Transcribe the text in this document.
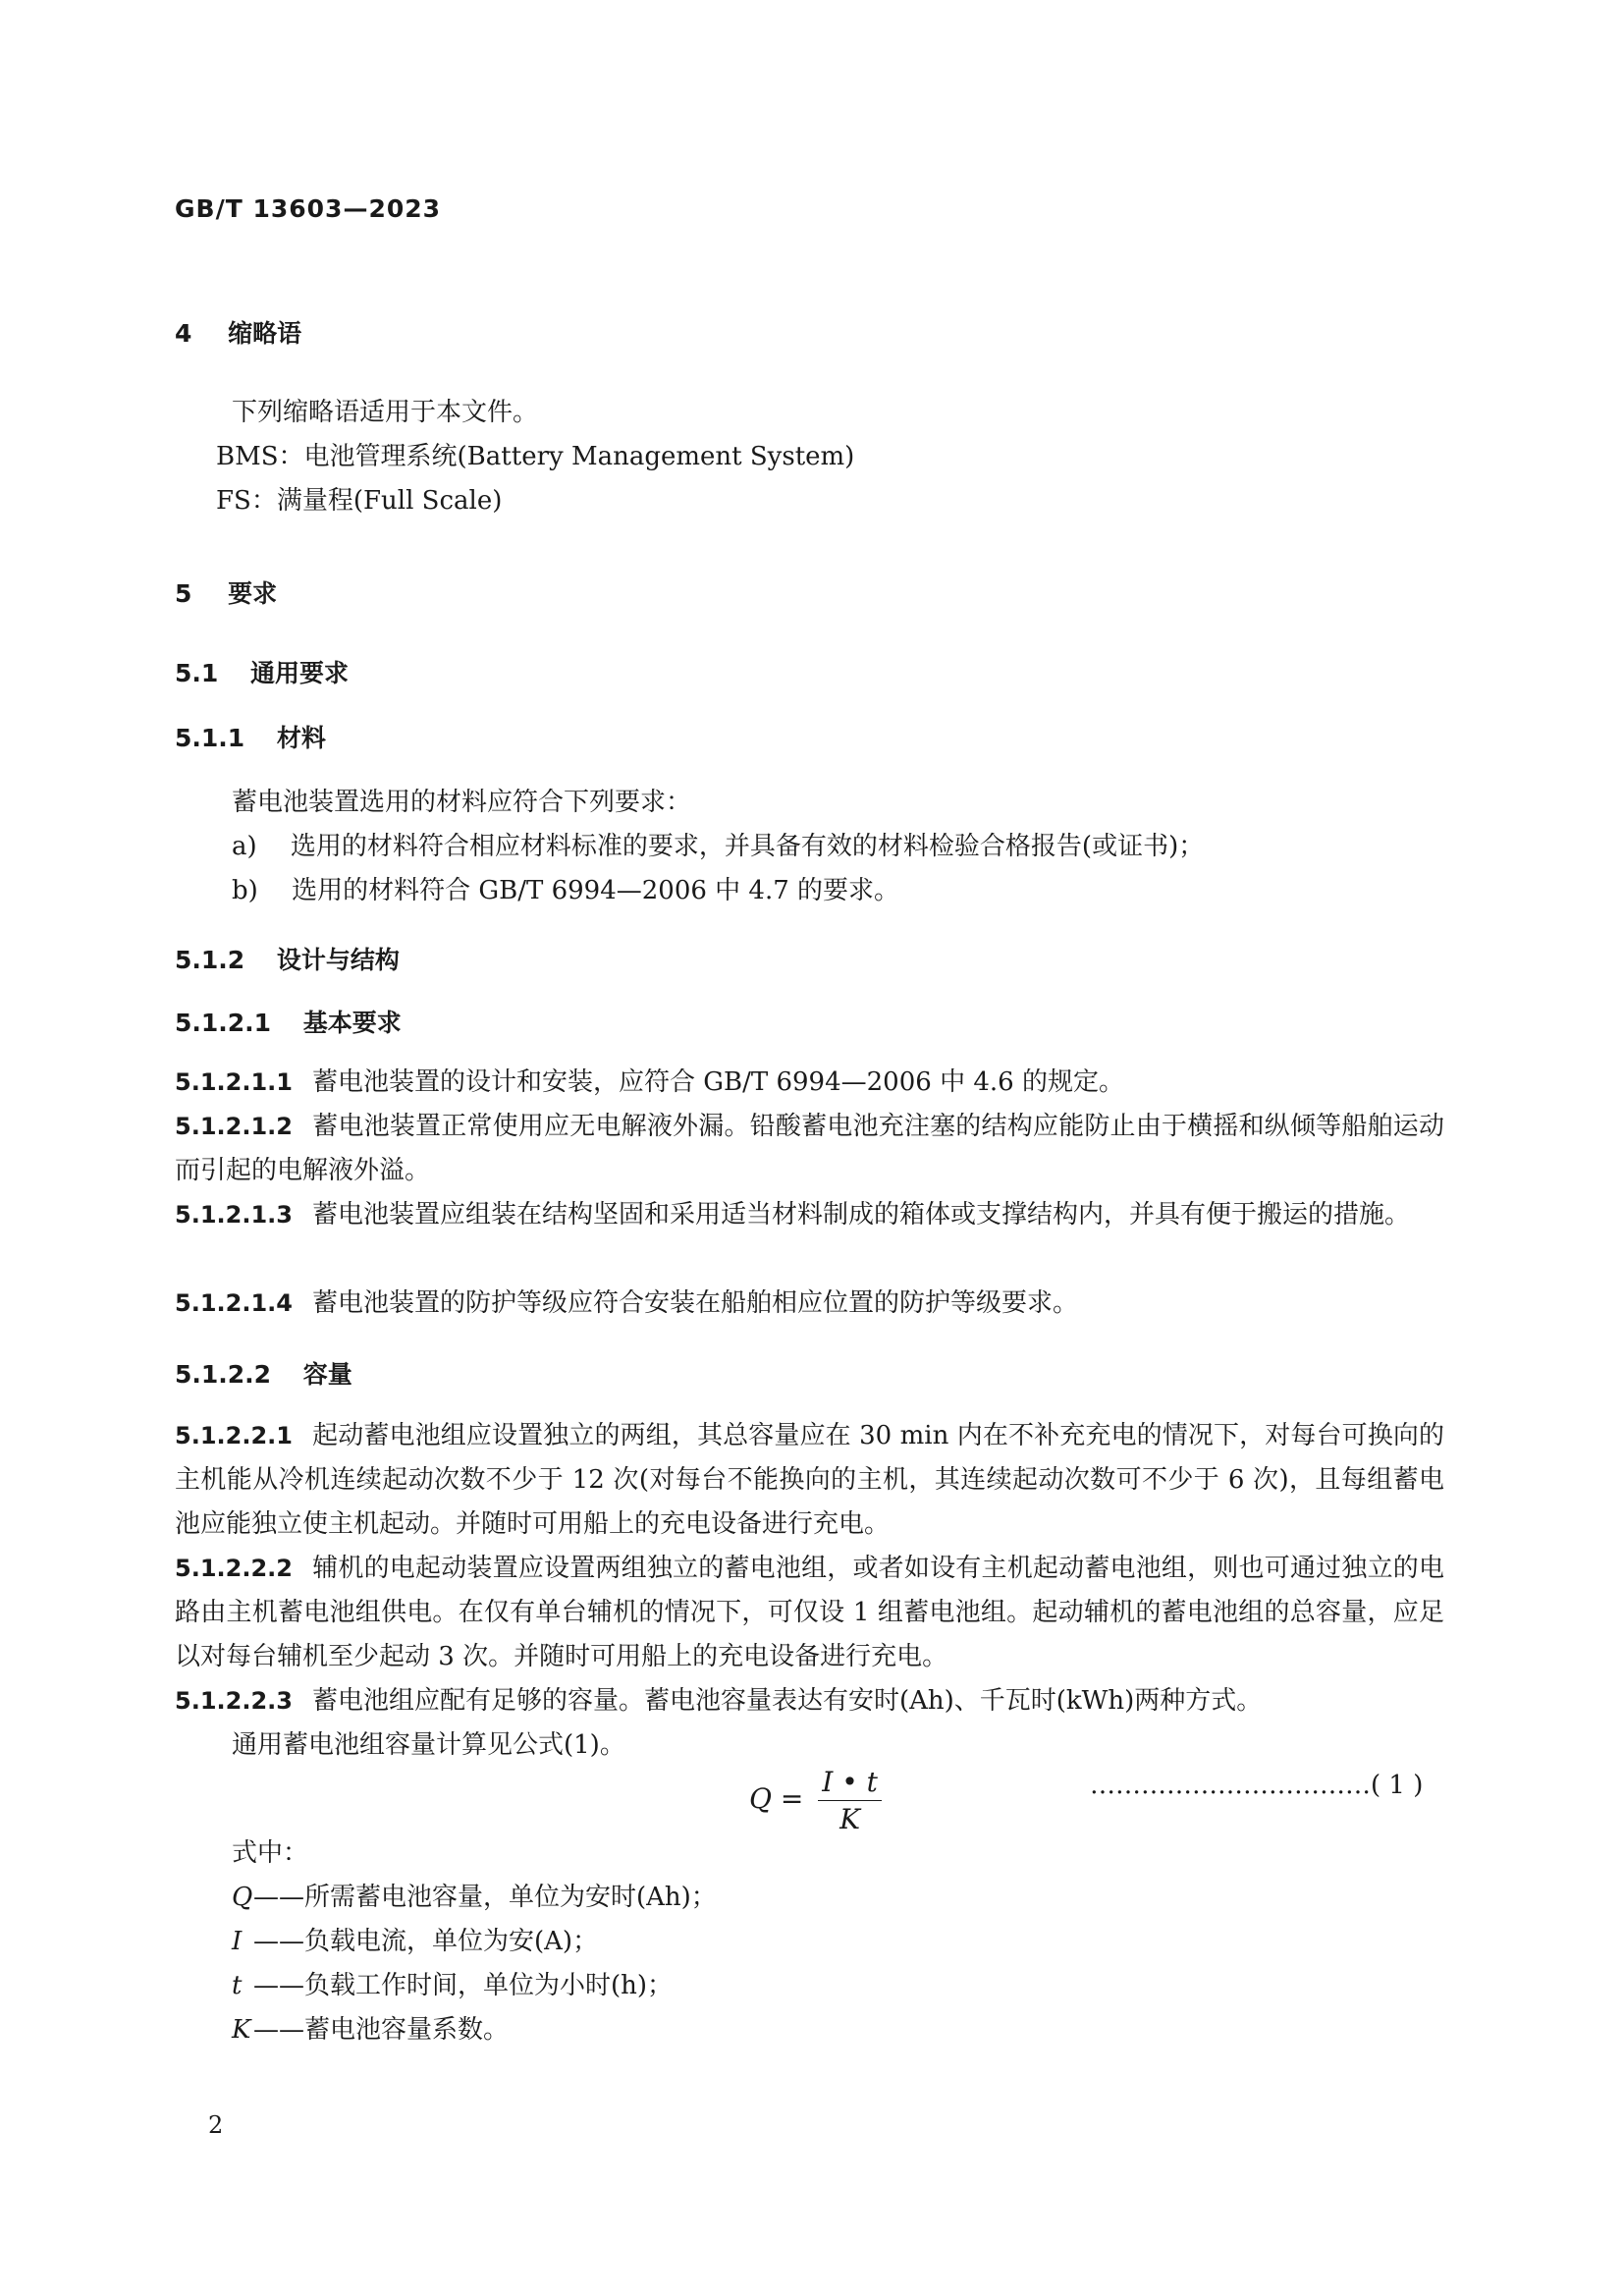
GB/T 13603—2023
4 缩略语
下列缩略语适用于本文件。
BMS：电池管理系统(Battery Management System)
FS：满量程(Full Scale)
5 要求
5.1 通用要求
5.1.1 材料
蓄电池装置选用的材料应符合下列要求：
a) 选用的材料符合相应材料标准的要求，并具备有效的材料检验合格报告(或证书)；
b) 选用的材料符合 GB/T 6994—2006 中 4.7 的要求。
5.1.2 设计与结构
5.1.2.1 基本要求
5.1.2.1.1 蓄电池装置的设计和安装，应符合 GB/T 6994—2006 中 4.6 的规定。
5.1.2.1.2 蓄电池装置正常使用应无电解液外漏。铅酸蓄电池充注塞的结构应能防止由于横摇和纵倾等船舶运动而引起的电解液外溢。
5.1.2.1.3 蓄电池装置应组装在结构坚固和采用适当材料制成的箱体或支撑结构内，并具有便于搬运的措施。
5.1.2.1.4 蓄电池装置的防护等级应符合安装在船舶相应位置的防护等级要求。
5.1.2.2 容量
5.1.2.2.1 起动蓄电池组应设置独立的两组，其总容量应在 30 min 内在不补充充电的情况下，对每台可换向的主机能从冷机连续起动次数不少于 12 次(对每台不能换向的主机，其连续起动次数可不少于 6 次)，且每组蓄电池应能独立使主机起动。并随时可用船上的充电设备进行充电。
5.1.2.2.2 辅机的电起动装置应设置两组独立的蓄电池组，或者如设有主机起动蓄电池组，则也可通过独立的电路由主机蓄电池组供电。在仅有单台辅机的情况下，可仅设 1 组蓄电池组。起动辅机的蓄电池组的总容量，应足以对每台辅机至少起动 3 次。并随时可用船上的充电设备进行充电。
5.1.2.2.3 蓄电池组应配有足够的容量。蓄电池容量表达有安时(Ah)、千瓦时(kWh)两种方式。
通用蓄电池组容量计算见公式(1)。
$Q = \frac{I • t}{K}$	……………………………( 1 )
式中：
Q——所需蓄电池容量，单位为安时(Ah)；
I ——负载电流，单位为安(A)；
t ——负载工作时间，单位为小时(h)；
K——蓄电池容量系数。
2
